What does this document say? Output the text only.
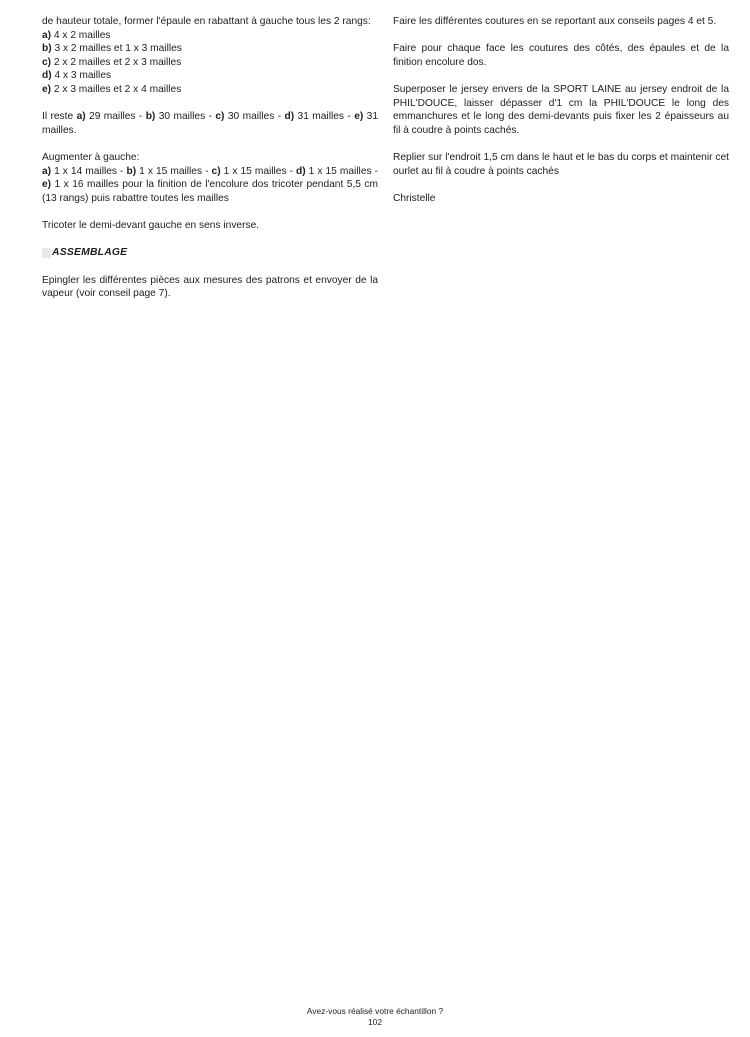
de hauteur totale, former l'épaule en rabattant à gauche tous les 2 rangs:
a) 4 x 2 mailles
b) 3 x 2 mailles et 1 x 3 mailles
c) 2 x 2 mailles et 2 x 3 mailles
d) 4 x 3 mailles
e) 2 x 3 mailles et 2 x 4 mailles

Il reste a) 29 mailles - b) 30 mailles - c) 30 mailles - d) 31 mailles - e) 31 mailles.

Augmenter à gauche:
a) 1 x 14 mailles - b) 1 x 15 mailles - c) 1 x 15 mailles - d) 1 x 15 mailles - e) 1 x 16 mailles pour la finition de l'encolure dos tricoter pendant 5,5 cm (13 rangs) puis rabattre toutes les mailles

Tricoter le demi-devant gauche en sens inverse.

ASSEMBLAGE

Epingler les différentes pièces aux mesures des patrons et envoyer de la vapeur (voir conseil page 7).

Faire les différentes coutures en se reportant aux conseils pages 4 et 5.

Faire pour chaque face les coutures des côtés, des épaules et de la finition encolure dos.

Superposer le jersey envers de la SPORT LAINE au jersey endroit de la PHIL'DOUCE, laisser dépasser d'1 cm la PHIL'DOUCE le long des emmanchures et le long des demi-devants puis fixer les 2 épaisseurs au fil à coudre à points cachés.

Replier sur l'endroit 1,5 cm dans le haut et le bas du corps et maintenir cet ourlet au fil à coudre à points cachés

Christelle

Avez-vous réalisé votre échantillon ?
102
